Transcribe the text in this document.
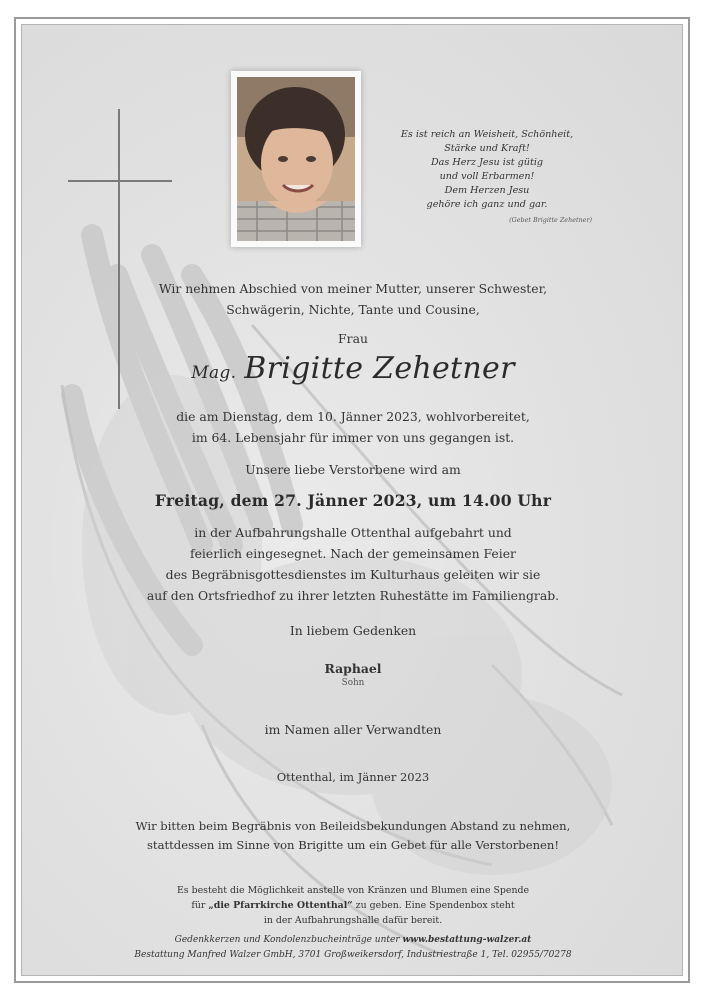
Es ist reich an Weisheit, Schönheit,
Stärke und Kraft!
Das Herz Jesu ist gütig
und voll Erbarmen!
Dem Herzen Jesu
gehöre ich ganz und gar.
(Gebet Brigitte Zehetner)
Wir nehmen Abschied von meiner Mutter, unserer Schwester,
Schwägerin, Nichte, Tante und Cousine,
Frau
Mag. Brigitte Zehetner
die am Dienstag, dem 10. Jänner 2023, wohlvorbereitet,
im 64. Lebensjahr für immer von uns gegangen ist.
Unsere liebe Verstorbene wird am
Freitag, dem 27. Jänner 2023, um 14.00 Uhr
in der Aufbahrungshalle Ottenthal aufgebahrt und
feierlich eingesegnet. Nach der gemeinsamen Feier
des Begräbnisgottesdienstes im Kulturhaus geleiten wir sie
auf den Ortsfriedhof zu ihrer letzten Ruhestätte im Familiengrab.
In liebem Gedenken
Raphael
Sohn
im Namen aller Verwandten
Ottenthal, im Jänner 2023
Wir bitten beim Begräbnis von Beileidsbekundungen Abstand zu nehmen,
stattdessen im Sinne von Brigitte um ein Gebet für alle Verstorbenen!
Es besteht die Möglichkeit anstelle von Kränzen und Blumen eine Spende
für „die Pfarrkirche Ottenthal“ zu geben. Eine Spendenbox steht
in der Aufbahrungshalle dafür bereit.
Gedenkkerzen und Kondolenzbucheinträge unter www.bestattung-walzer.at
Bestattung Manfred Walzer GmbH, 3701 Großweikersdorf, Industriestraße 1, Tel. 02955/70278
